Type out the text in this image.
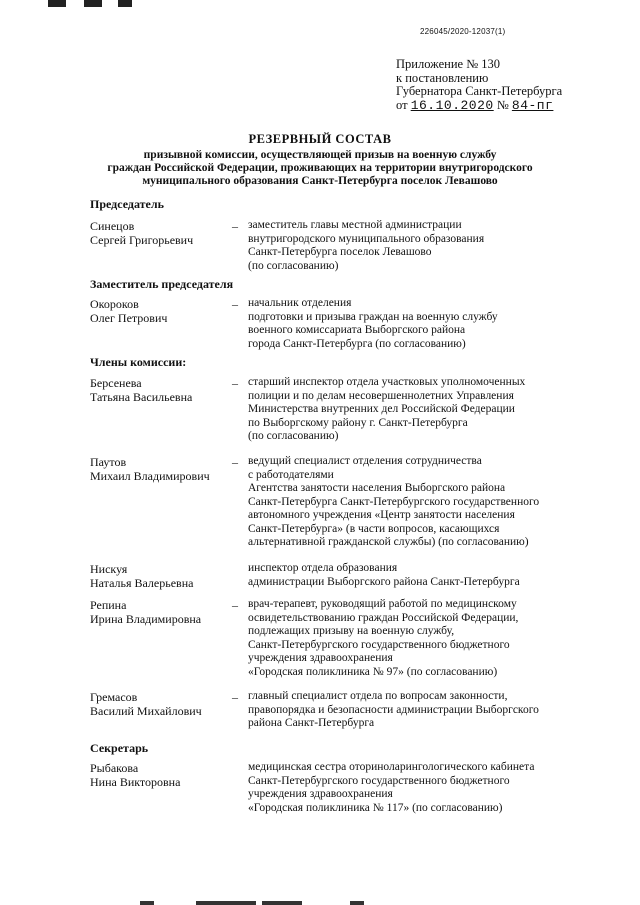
226045/2020-12037(1)
Приложение № 130
к постановлению
Губернатора Санкт-Петербурга
от 16.10.2020 № 84-пг
РЕЗЕРВНЫЙ СОСТАВ
призывной комиссии, осуществляющей призыв на военную службу
граждан Российской Федерации, проживающих на территории внутригородского
муниципального образования Санкт-Петербурга поселок Левашово
Председатель
Синецов
Сергей Григорьевич
– заместитель главы местной администрации
внутригородского муниципального образования
Санкт-Петербурга поселок Левашово
(по согласованию)
Заместитель председателя
Окороков
Олег Петрович
– начальник отделения
подготовки и призыва граждан на военную службу
военного комиссариата Выборгского района
города Санкт-Петербурга (по согласованию)
Члены комиссии:
Берсенева
Татьяна Васильевна
– старший инспектор отдела участковых уполномоченных
полиции и по делам несовершеннолетних Управления
Министерства внутренних дел Российской Федерации
по Выборгскому району г. Санкт-Петербурга
(по согласованию)
Паутов
Михаил Владимирович
– ведущий специалист отделения сотрудничества
с работодателями
Агентства занятости населения Выборгского района
Санкт-Петербурга Санкт-Петербургского государственного
автономного учреждения «Центр занятости населения
Санкт-Петербурга» (в части вопросов, касающихся
альтернативной гражданской службы) (по согласованию)
Нискуя
Наталья Валерьевна
инспектор отдела образования
администрации Выборгского района Санкт-Петербурга
Репина
Ирина Владимировна
– врач-терапевт, руководящий работой по медицинскому
освидетельствованию граждан Российской Федерации,
подлежащих призыву на военную службу,
Санкт-Петербургского государственного бюджетного
учреждения здравоохранения
«Городская поликлиника № 97» (по согласованию)
Гремасов
Василий Михайлович
– главный специалист отдела по вопросам законности,
правопорядка и безопасности администрации Выборгского
района Санкт-Петербурга
Секретарь
Рыбакова
Нина Викторовна
медицинская сестра оториноларингологического кабинета
Санкт-Петербургского государственного бюджетного
учреждения здравоохранения
«Городская поликлиника № 117» (по согласованию)
